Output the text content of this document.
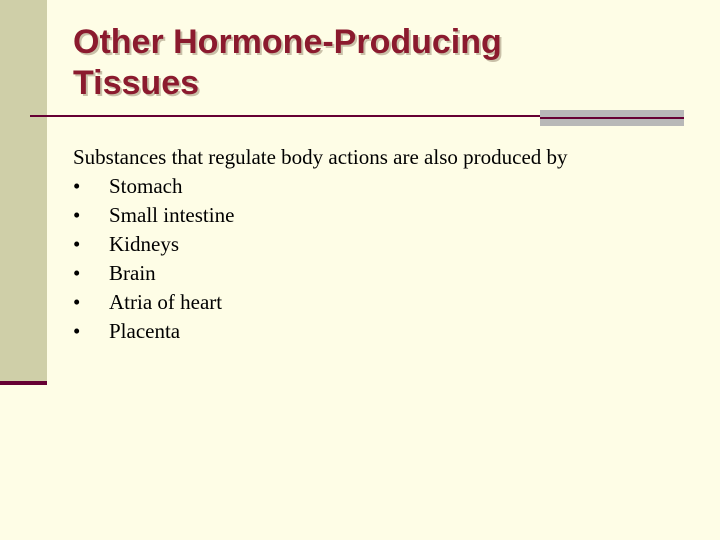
Other Hormone-Producing
Tissues

Substances that regulate body actions are also produced by

•	Stomach
•	Small intestine
•	Kidneys
•	Brain
•	Atria of heart
•	Placenta
